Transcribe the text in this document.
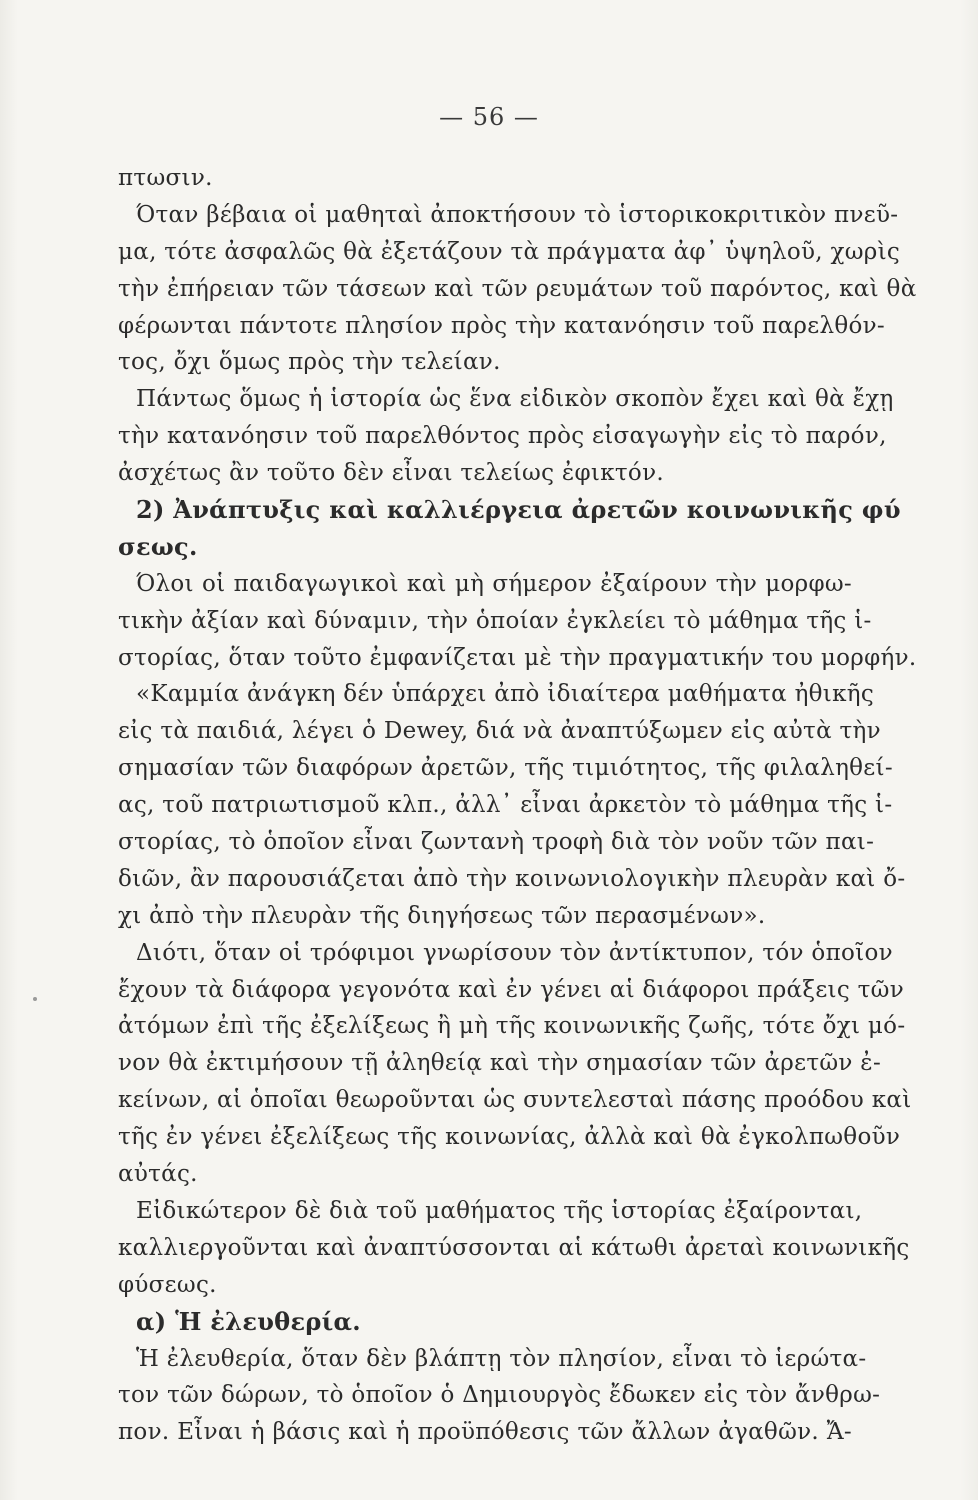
— 56 —
πτωσιν.
Όταν βέβαια οἱ μαθηταὶ ἀποκτήσουν τὸ ἱστορικοκριτικὸν πνεῦ-
μα, τότε ἀσφαλῶς θὰ ἐξετάζουν τὰ πράγματα ἀφ᾽ ὑψηλοῦ, χωρὶς
τὴν ἐπήρειαν τῶν τάσεων καὶ τῶν ρευμάτων τοῦ παρόντος, καὶ θὰ
φέρωνται πάντοτε πλησίον πρὸς τὴν κατανόησιν τοῦ παρελθόν-
τος, ὄχι ὅμως πρὸς τὴν τελείαν.
Πάντως ὅμως ἡ ἱστορία ὡς ἕνα εἰδικὸν σκοπὸν ἔχει καὶ θὰ ἔχῃ
τὴν κατανόησιν τοῦ παρελθόντος πρὸς εἰσαγωγὴν εἰς τὸ παρόν,
ἀσχέτως ἂν τοῦτο δὲν εἶναι τελείως ἐφικτόν.
2) Ἀνάπτυξις καὶ καλλιέργεια ἀρετῶν κοινωνικῆς φύ
σεως.
Όλοι οἱ παιδαγωγικοὶ καὶ μὴ σήμερον ἐξαίρουν τὴν μορφω-
τικὴν ἀξίαν καὶ δύναμιν, τὴν ὁποίαν ἐγκλείει τὸ μάθημα τῆς ἱ-
στορίας, ὅταν τοῦτο ἐμφανίζεται μὲ τὴν πραγματικήν του μορφήν.
«Καμμία ἀνάγκη δέν ὑπάρχει ἀπὸ ἰδιαίτερα μαθήματα ἠθικῆς
εἰς τὰ παιδιά, λέγει ὁ Dewey, διά νὰ ἀναπτύξωμεν εἰς αὐτὰ τὴν
σημασίαν τῶν διαφόρων ἀρετῶν, τῆς τιμιότητος, τῆς φιλαληθεί-
ας, τοῦ πατριωτισμοῦ κλπ., ἀλλ᾽ εἶναι ἀρκετὸν τὸ μάθημα τῆς ἱ-
στορίας, τὸ ὁποῖον εἶναι ζωντανὴ τροφὴ διὰ τὸν νοῦν τῶν παι-
διῶν, ἂν παρουσιάζεται ἀπὸ τὴν κοινωνιολογικὴν πλευρὰν καὶ ὄ-
χι ἀπὸ τὴν πλευρὰν τῆς διηγήσεως τῶν περασμένων».
Διότι, ὅταν οἱ τρόφιμοι γνωρίσουν τὸν ἀντίκτυπον, τόν ὁποῖον
ἔχουν τὰ διάφορα γεγονότα καὶ ἐν γένει αἱ διάφοροι πράξεις τῶν
ἀτόμων ἐπὶ τῆς ἐξελίξεως ἢ μὴ τῆς κοινωνικῆς ζωῆς, τότε ὄχι μό-
νον θὰ ἐκτιμήσουν τῇ ἀληθείᾳ καὶ τὴν σημασίαν τῶν ἀρετῶν ἐ-
κείνων, αἱ ὁποῖαι θεωροῦνται ὡς συντελεσταὶ πάσης προόδου καὶ
τῆς ἐν γένει ἐξελίξεως τῆς κοινωνίας, ἀλλὰ καὶ θὰ ἐγκολπωθοῦν
αὐτάς.
Εἰδικώτερον δὲ διὰ τοῦ μαθήματος τῆς ἱστορίας ἐξαίρονται,
καλλιεργοῦνται καὶ ἀναπτύσσονται αἱ κάτωθι ἀρεταὶ κοινωνικῆς
φύσεως.
α) Ἡ ἐλευθερία.
Ἡ ἐλευθερία, ὅταν δὲν βλάπτῃ τὸν πλησίον, εἶναι τὸ ἱερώτα-
τον τῶν δώρων, τὸ ὁποῖον ὁ Δημιουργὸς ἔδωκεν εἰς τὸν ἄνθρω-
πον. Εἶναι ἡ βάσις καὶ ἡ προϋπόθεσις τῶν ἄλλων ἀγαθῶν. Ἄ-
